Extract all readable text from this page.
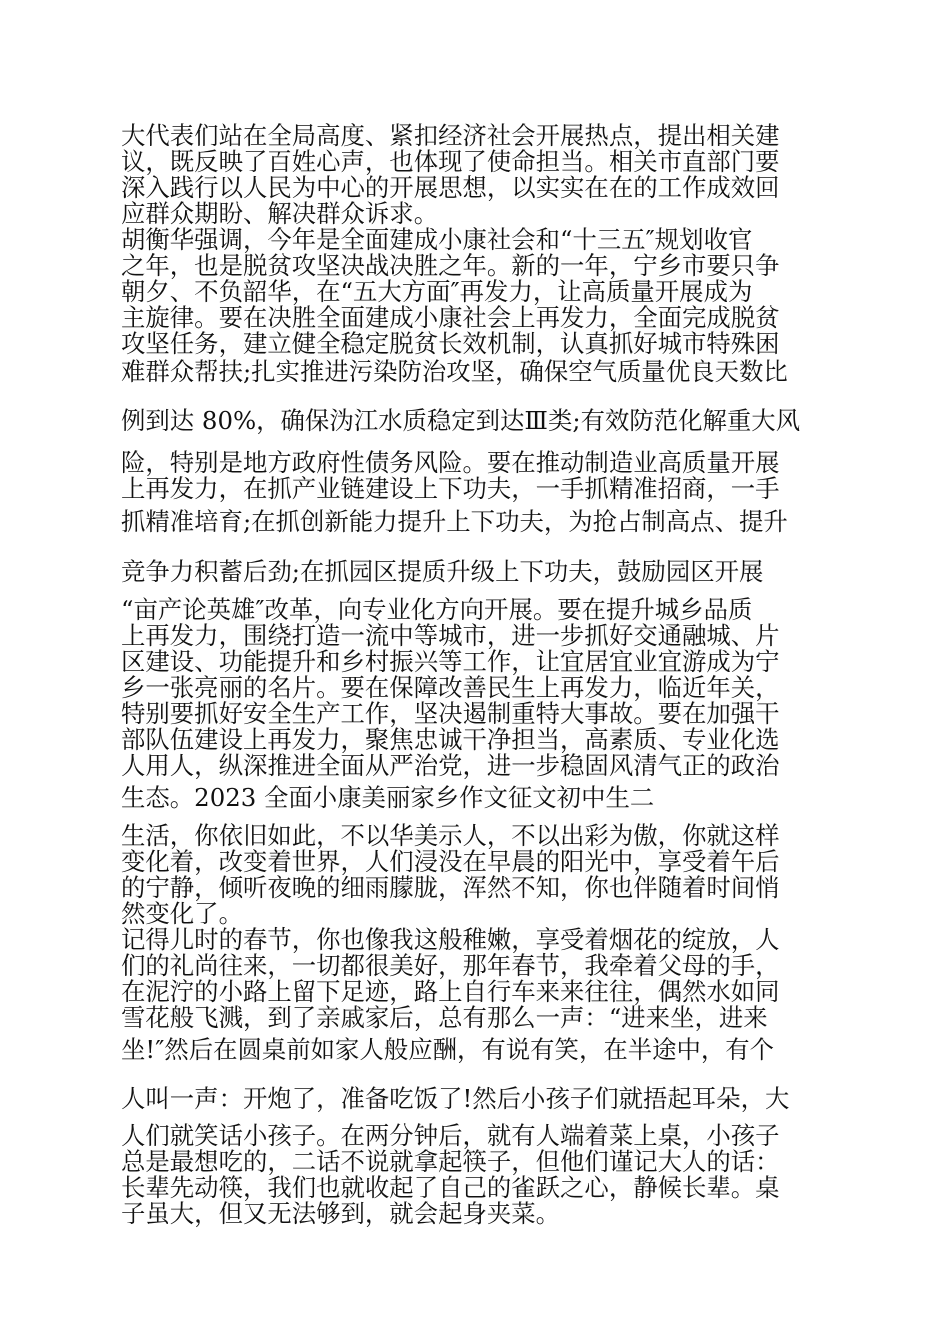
大代表们站在全局高度、紧扣经济社会开展热点，提出相关建
议，既反映了百姓心声，也体现了使命担当。相关市直部门要
深入践行以人民为中心的开展思想，以实实在在的工作成效回
应群众期盼、解决群众诉求。
胡衡华强调，今年是全面建成小康社会和“十三五″规划收官
之年，也是脱贫攻坚决战决胜之年。新的一年，宁乡市要只争
朝夕、不负韶华，在“五大方面″再发力，让高质量开展成为
主旋律。要在决胜全面建成小康社会上再发力，全面完成脱贫
攻坚任务，建立健全稳定脱贫长效机制，认真抓好城市特殊困
难群众帮扶;扎实推进污染防治攻坚，确保空气质量优良天数比
例到达 80%，确保沩江水质稳定到达Ⅲ类;有效防范化解重大风
险，特别是地方政府性债务风险。要在推动制造业高质量开展
上再发力，在抓产业链建设上下功夫，一手抓精准招商，一手
抓精准培育;在抓创新能力提升上下功夫，为抢占制高点、提升
竞争力积蓄后劲;在抓园区提质升级上下功夫，鼓励园区开展
“亩产论英雄″改革，向专业化方向开展。要在提升城乡品质
上再发力，围绕打造一流中等城市，进一步抓好交通融城、片
区建设、功能提升和乡村振兴等工作，让宜居宜业宜游成为宁
乡一张亮丽的名片。要在保障改善民生上再发力，临近年关，
特别要抓好安全生产工作，坚决遏制重特大事故。要在加强干
部队伍建设上再发力，聚焦忠诚干净担当，高素质、专业化选
人用人，纵深推进全面从严治党，进一步稳固风清气正的政治
生态。2023 全面小康美丽家乡作文征文初中生二
生活，你依旧如此，不以华美示人，不以出彩为傲，你就这样
变化着，改变着世界，人们浸没在早晨的阳光中，享受着午后
的宁静，倾听夜晚的细雨朦胧，浑然不知，你也伴随着时间悄
然变化了。
记得儿时的春节，你也像我这般稚嫩，享受着烟花的绽放，人
们的礼尚往来，一切都很美好，那年春节，我牵着父母的手，
在泥泞的小路上留下足迹，路上自行车来来往往，偶然水如同
雪花般飞溅，到了亲戚家后，总有那么一声：“进来坐，进来
坐!″然后在圆桌前如家人般应酬，有说有笑，在半途中，有个
人叫一声：开炮了，准备吃饭了!然后小孩子们就捂起耳朵，大
人们就笑话小孩子。在两分钟后，就有人端着菜上桌，小孩子
总是最想吃的，二话不说就拿起筷子，但他们谨记大人的话：
长辈先动筷，我们也就收起了自己的雀跃之心，静候长辈。桌
子虽大，但又无法够到，就会起身夹菜。
